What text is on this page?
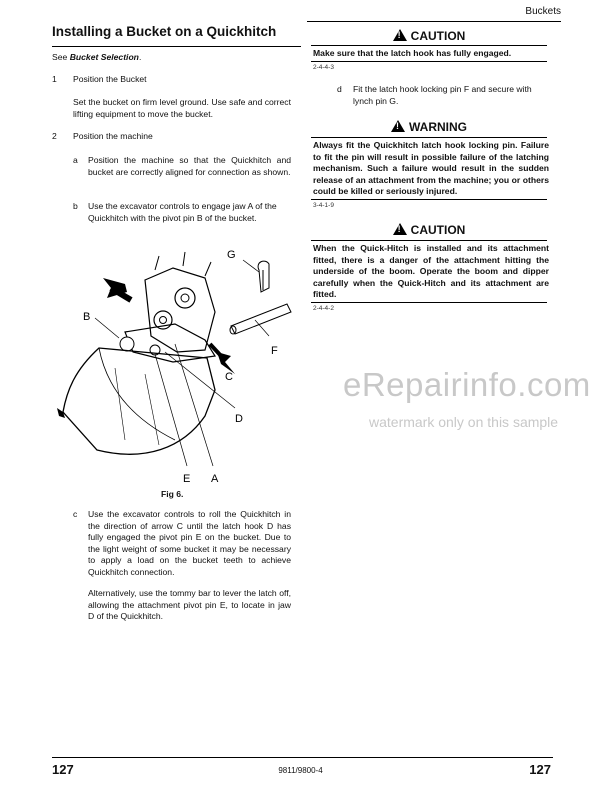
Buckets
Installing a Bucket on a Quickhitch
See Bucket Selection.
1 Position the Bucket
Set the bucket on firm level ground. Use safe and correct lifting equipment to move the bucket.
2 Position the machine
a Position the machine so that the Quickhitch and bucket are correctly aligned for connection as shown.
b Use the excavator controls to engage jaw A of the Quickhitch with the pivot pin B of the bucket.
B
G
F
C
D
E A
Fig 6.
c Use the excavator controls to roll the Quickhitch in the direction of arrow C until the latch hook D has fully engaged the pivot pin E on the bucket. Due to the light weight of some bucket it may be necessary to apply a load on the bucket teeth to achieve Quickhitch connection.
Alternatively, use the tommy bar to lever the latch off, allowing the attachment pivot pin E, to locate in jaw D of the Quickhitch.
!CAUTION
Make sure that the latch hook has fully engaged.
2-4-4-3
d Fit the latch hook locking pin F and secure with lynch pin G.
!WARNING
Always fit the Quickhitch latch hook locking pin. Failure to fit the pin will result in possible failure of the latching mechanism. Such a failure would result in the sudden release of an attachment from the machine; you or others could be killed or seriously injured.
3-4-1-9
!CAUTION
When the Quick-Hitch is installed and its attachment fitted, there is a danger of the attachment hitting the underside of the boom. Operate the boom and dipper carefully when the Quick-Hitch and its attachment are fitted.
2-4-4-2
eRepairinfo.com
watermark only on this sample
127	9811/9800-4	127
